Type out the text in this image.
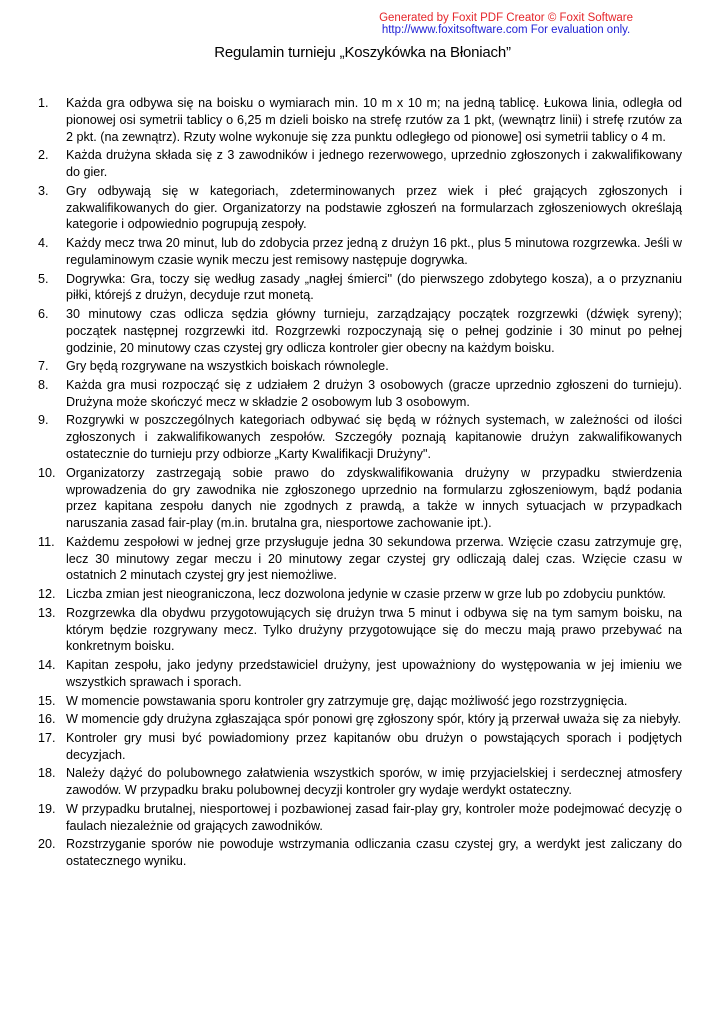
Generated by Foxit PDF Creator © Foxit Software
http://www.foxitsoftware.com For evaluation only.
Regulamin turnieju „Koszykówka na Błoniach”
1.	Każda gra odbywa się na boisku o wymiarach min. 10 m x 10 m; na jedną tablicę. Łukowa linia, odległa od pionowej osi symetrii tablicy o 6,25 m dzieli boisko na strefę rzutów za 1 pkt, (wewnątrz linii) i strefę rzutów za 2 pkt. (na zewnątrz). Rzuty wolne wykonuje się zza punktu odległego od pionowe] osi symetrii tablicy o 4 m.
2.	Każda drużyna składa się z 3 zawodników i jednego rezerwowego, uprzednio zgłoszonych i zakwalifikowany do gier.
3.	Gry odbywają się w kategoriach, zdeterminowanych przez wiek i płeć grających zgłoszonych i zakwalifikowanych do gier. Organizatorzy na podstawie zgłoszeń na formularzach zgłoszeniowych określają kategorie i odpowiednio pogrupują zespoły.
4.	Każdy mecz trwa 20 minut, lub do zdobycia przez jedną z drużyn 16 pkt., plus 5 minutowa rozgrzewka. Jeśli w regulaminowym czasie wynik meczu jest remisowy następuje dogrywka.
5.	Dogrywka: Gra, toczy się według zasady „nagłej śmierci'' (do pierwszego zdobytego kosza), a o przyznaniu piłki, którejś z drużyn, decyduje rzut monetą.
6.	30 minutowy czas odlicza sędzia główny turnieju, zarządzający początek rozgrzewki (dźwięk syreny); początek następnej rozgrzewki itd. Rozgrzewki rozpoczynają się o pełnej godzinie i 30 minut po pełnej godzinie, 20 minutowy czas czystej gry odlicza kontroler gier obecny na każdym boisku.
7.	Gry będą rozgrywane na wszystkich boiskach równolegle.
8.	Każda gra musi rozpocząć się z udziałem 2 drużyn 3 osobowych (gracze uprzednio zgłoszeni do turnieju). Drużyna może skończyć mecz w składzie 2 osobowym lub 3 osobowym.
9.	Rozgrywki w poszczególnych kategoriach odbywać się będą w różnych systemach, w zależności od ilości zgłoszonych i zakwalifikowanych zespołów. Szczegóły poznają kapitanowie drużyn zakwalifikowanych ostatecznie do turnieju przy odbiorze „Karty Kwalifikacji Drużyny".
10. Organizatorzy zastrzegają sobie prawo do zdyskwalifikowania drużyny w przypadku stwierdzenia wprowadzenia do gry zawodnika nie zgłoszonego uprzednio na formularzu zgłoszeniowym, bądź podania przez kapitana zespołu danych nie zgodnych z prawdą, a także w innych sytuacjach w przypadkach naruszania zasad fair-play (m.in. brutalna gra, niesportowe zachowanie ipt.).
11. Każdemu zespołowi w jednej grze przysługuje jedna 30 sekundowa przerwa. Wzięcie czasu zatrzymuje grę, lecz 30 minutowy zegar meczu i 20 minutowy zegar czystej gry odliczają dalej czas. Wzięcie czasu w ostatnich 2 minutach czystej gry jest niemożliwe.
12. Liczba zmian jest nieograniczona, lecz dozwolona jedynie w czasie przerw w grze lub po zdobyciu punktów.
13. Rozgrzewka dla obydwu przygotowujących się drużyn trwa 5 minut i odbywa się na tym samym boisku, na którym będzie rozgrywany mecz. Tylko drużyny przygotowujące się do meczu mają prawo przebywać na konkretnym boisku.
14. Kapitan zespołu, jako jedyny przedstawiciel drużyny, jest upoważniony do występowania w jej imieniu we wszystkich sprawach i sporach.
15. W momencie powstawania sporu kontroler gry zatrzymuje grę, dając możliwość jego rozstrzygnięcia.
16. W momencie gdy drużyna zgłaszająca spór ponowi grę zgłoszony spór, który ją przerwał uważa się za niebyły.
17. Kontroler gry musi być powiadomiony przez kapitanów obu drużyn o powstających sporach i podjętych decyzjach.
18. Należy dążyć do polubownego załatwienia wszystkich sporów, w imię przyjacielskiej i serdecznej atmosfery zawodów. W przypadku braku polubownej decyzji kontroler gry wydaje werdykt ostateczny.
19. W przypadku brutalnej, niesportowej i pozbawionej zasad fair-play gry, kontroler może podejmować decyzję o faulach niezależnie od grających zawodników.
20. Rozstrzyganie sporów nie powoduje wstrzymania odliczania czasu czystej gry, a werdykt jest zaliczany do ostatecznego wyniku.
